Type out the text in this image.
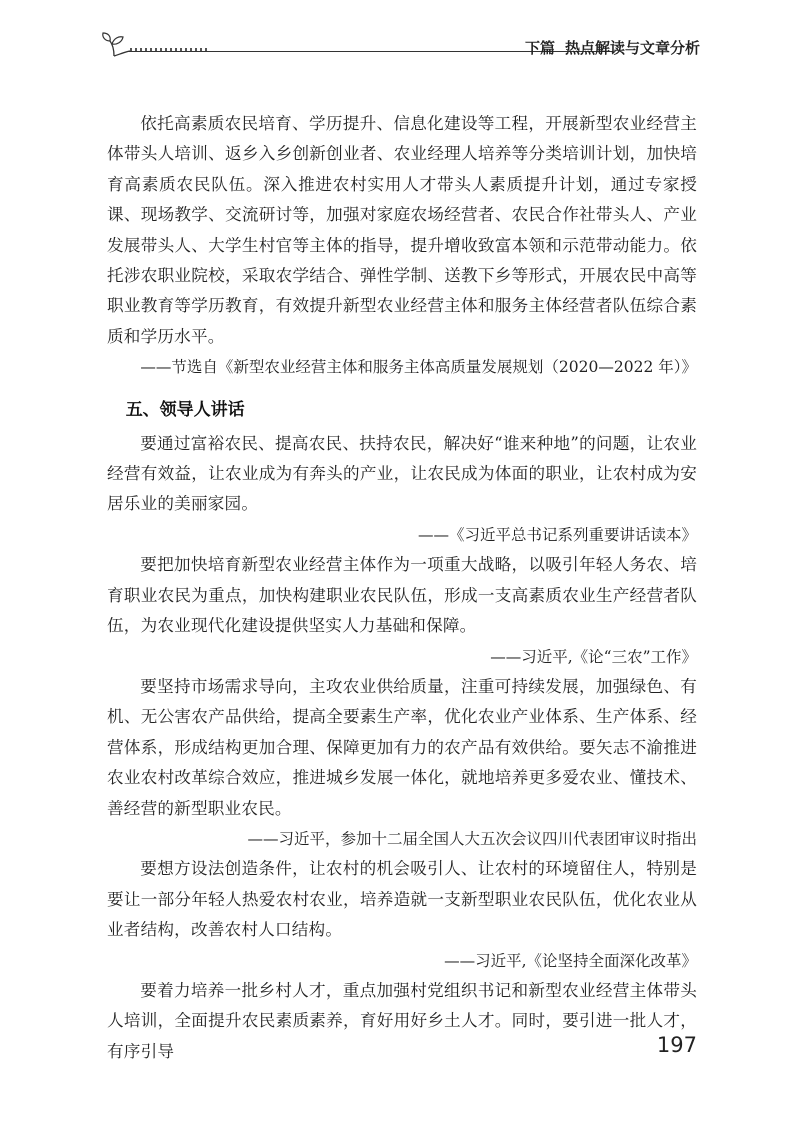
下篇 热点解读与文章分析

依托高素质农民培育、学历提升、信息化建设等工程，开展新型农业经营主体带头人培训、返乡入乡创新创业者、农业经理人培养等分类培训计划，加快培育高素质农民队伍。深入推进农村实用人才带头人素质提升计划，通过专家授课、现场教学、交流研讨等，加强对家庭农场经营者、农民合作社带头人、产业发展带头人、大学生村官等主体的指导，提升增收致富本领和示范带动能力。依托涉农职业院校，采取农学结合、弹性学制、送教下乡等形式，开展农民中高等职业教育等学历教育，有效提升新型农业经营主体和服务主体经营者队伍综合素质和学历水平。

——节选自《新型农业经营主体和服务主体高质量发展规划（2020—2022 年）》

五、领导人讲话

要通过富裕农民、提高农民、扶持农民，解决好“谁来种地”的问题，让农业经营有效益，让农业成为有奔头的产业，让农民成为体面的职业，让农村成为安居乐业的美丽家园。

——《习近平总书记系列重要讲话读本》

要把加快培育新型农业经营主体作为一项重大战略，以吸引年轻人务农、培育职业农民为重点，加快构建职业农民队伍，形成一支高素质农业生产经营者队伍，为农业现代化建设提供坚实人力基础和保障。

——习近平,《论“三农”工作》

要坚持市场需求导向，主攻农业供给质量，注重可持续发展，加强绿色、有机、无公害农产品供给，提高全要素生产率，优化农业产业体系、生产体系、经营体系，形成结构更加合理、保障更加有力的农产品有效供给。要矢志不渝推进农业农村改革综合效应，推进城乡发展一体化，就地培养更多爱农业、懂技术、善经营的新型职业农民。

——习近平，参加十二届全国人大五次会议四川代表团审议时指出

要想方设法创造条件，让农村的机会吸引人、让农村的环境留住人，特别是要让一部分年轻人热爱农村农业，培养造就一支新型职业农民队伍，优化农业从业者结构，改善农村人口结构。

——习近平,《论坚持全面深化改革》

要着力培养一批乡村人才，重点加强村党组织书记和新型农业经营主体带头人培训，全面提升农民素质素养，育好用好乡土人才。同时，要引进一批人才，有序引导	197
